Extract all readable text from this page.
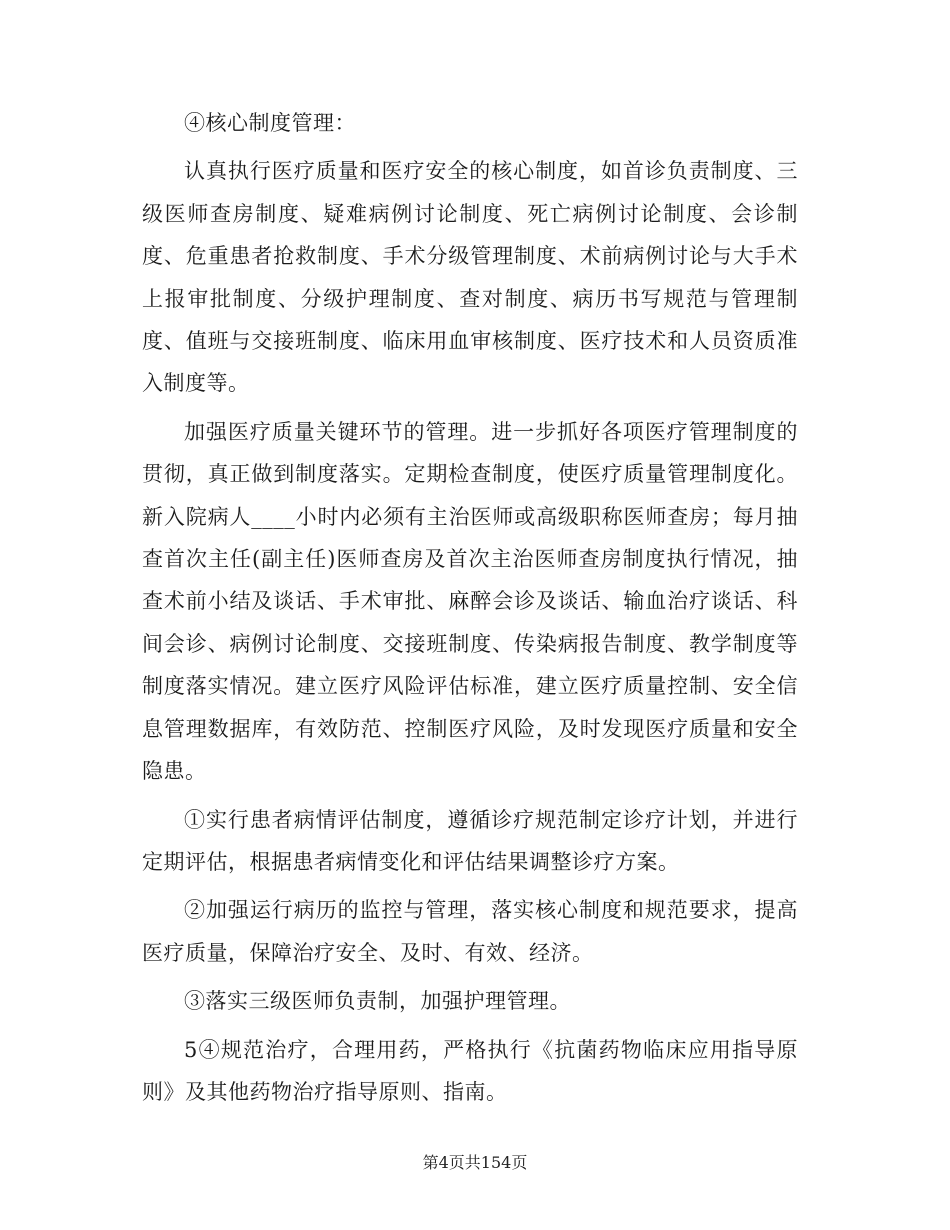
④核心制度管理：

认真执行医疗质量和医疗安全的核心制度，如首诊负责制度、三级医师查房制度、疑难病例讨论制度、死亡病例讨论制度、会诊制度、危重患者抢救制度、手术分级管理制度、术前病例讨论与大手术上报审批制度、分级护理制度、查对制度、病历书写规范与管理制度、值班与交接班制度、临床用血审核制度、医疗技术和人员资质准入制度等。

加强医疗质量关键环节的管理。进一步抓好各项医疗管理制度的贯彻，真正做到制度落实。定期检查制度，使医疗质量管理制度化。新入院病人____小时内必须有主治医师或高级职称医师查房；每月抽查首次主任(副主任)医师查房及首次主治医师查房制度执行情况，抽查术前小结及谈话、手术审批、麻醉会诊及谈话、输血治疗谈话、科间会诊、病例讨论制度、交接班制度、传染病报告制度、教学制度等制度落实情况。建立医疗风险评估标准，建立医疗质量控制、安全信息管理数据库，有效防范、控制医疗风险，及时发现医疗质量和安全隐患。

①实行患者病情评估制度，遵循诊疗规范制定诊疗计划，并进行定期评估，根据患者病情变化和评估结果调整诊疗方案。

②加强运行病历的监控与管理，落实核心制度和规范要求，提高医疗质量，保障治疗安全、及时、有效、经济。

③落实三级医师负责制，加强护理管理。

5④规范治疗，合理用药，严格执行《抗菌药物临床应用指导原则》及其他药物治疗指导原则、指南。

第4页共154页
